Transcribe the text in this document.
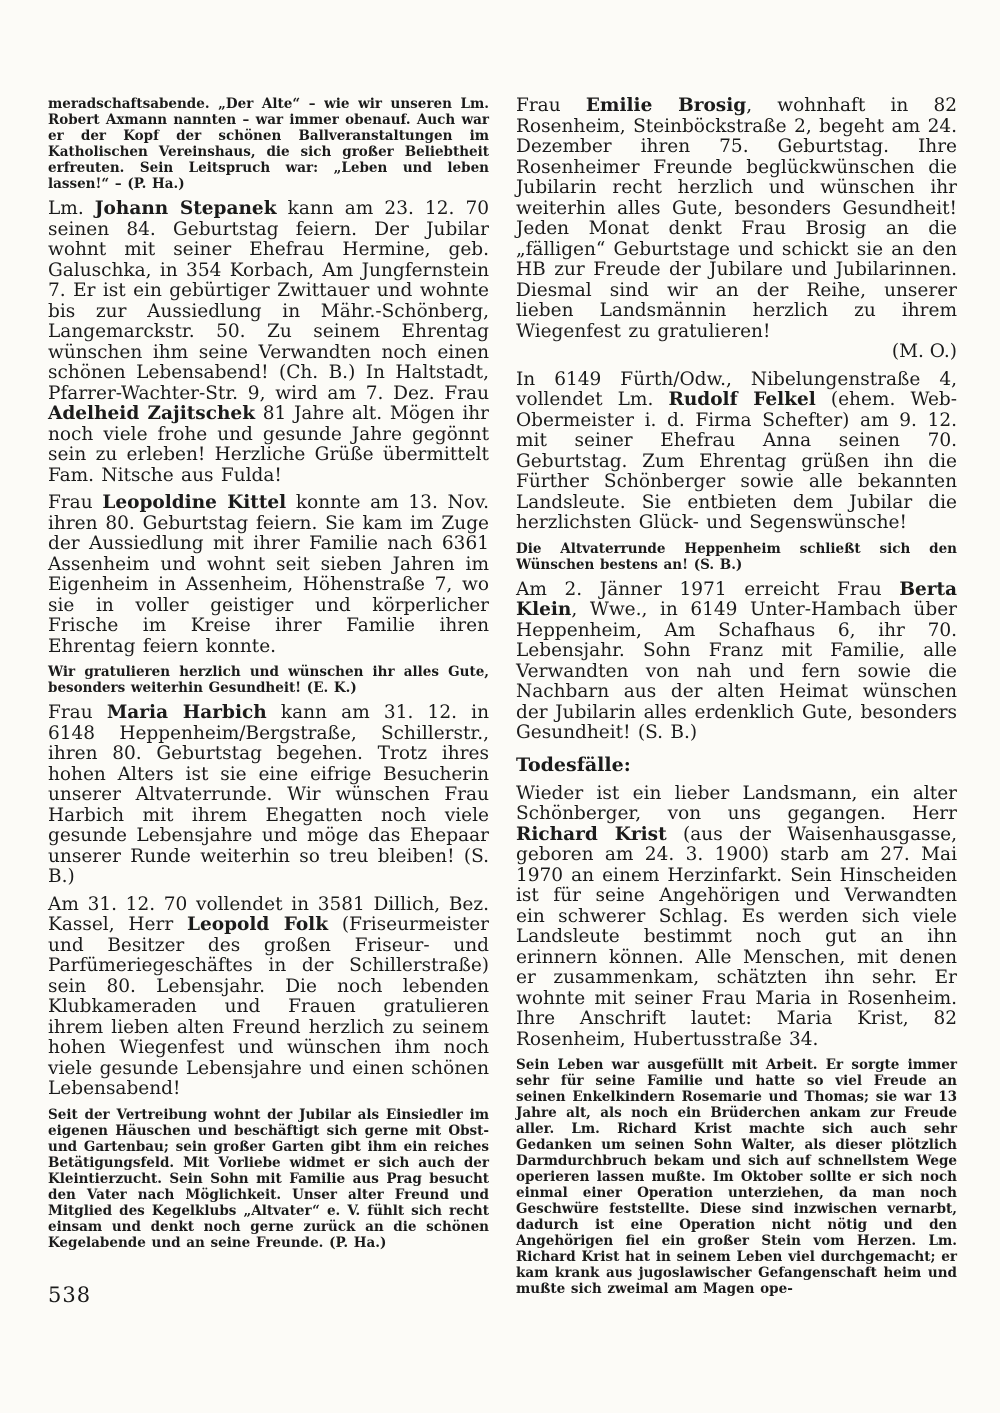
meradschaftsabende. „Der Alte“ – wie wir unseren Lm. Robert Axmann nannten – war immer obenauf. Auch war er der Kopf der schönen Ballveranstaltungen im Katholischen Vereinshaus, die sich großer Beliebtheit erfreuten. Sein Leitspruch war: „Leben und leben lassen!“ – (P. Ha.)

Lm. Johann Stepanek kann am 23. 12. 70 seinen 84. Geburtstag feiern. Der Jubilar wohnt mit seiner Ehefrau Hermine, geb. Galuschka, in 354 Korbach, Am Jungfernstein 7. Er ist ein gebürtiger Zwittauer und wohnte bis zur Aussiedlung in Mähr.-Schönberg, Langemarckstr. 50. Zu seinem Ehrentag wünschen ihm seine Verwandten noch einen schönen Lebensabend! (Ch. B.) In Haltstadt, Pfarrer-Wachter-Str. 9, wird am 7. Dez. Frau Adelheid Zajitschek 81 Jahre alt. Mögen ihr noch viele frohe und gesunde Jahre gegönnt sein zu erleben! Herzliche Grüße übermittelt Fam. Nitsche aus Fulda!

Frau Leopoldine Kittel konnte am 13. Nov. ihren 80. Geburtstag feiern. Sie kam im Zuge der Aussiedlung mit ihrer Familie nach 6361 Assenheim und wohnt seit sieben Jahren im Eigenheim in Assenheim, Höhenstraße 7, wo sie in voller geistiger und körperlicher Frische im Kreise ihrer Familie ihren Ehrentag feiern konnte.

Wir gratulieren herzlich und wünschen ihr alles Gute, besonders weiterhin Gesundheit! (E. K.)

Frau Maria Harbich kann am 31. 12. in 6148 Heppenheim/Bergstraße, Schillerstr., ihren 80. Geburtstag begehen. Trotz ihres hohen Alters ist sie eine eifrige Besucherin unserer Altvaterrunde. Wir wünschen Frau Harbich mit ihrem Ehegatten noch viele gesunde Lebensjahre und möge das Ehepaar unserer Runde weiterhin so treu bleiben! (S. B.)

Am 31. 12. 70 vollendet in 3581 Dillich, Bez. Kassel, Herr Leopold Folk (Friseurmeister und Besitzer des großen Friseur- und Parfümeriegeschäftes in der Schillerstraße) sein 80. Lebensjahr. Die noch lebenden Klubkameraden und Frauen gratulieren ihrem lieben alten Freund herzlich zu seinem hohen Wiegenfest und wünschen ihm noch viele gesunde Lebensjahre und einen schönen Lebensabend!

Seit der Vertreibung wohnt der Jubilar als Einsiedler im eigenen Häuschen und beschäftigt sich gerne mit Obst- und Gartenbau; sein großer Garten gibt ihm ein reiches Betätigungsfeld. Mit Vorliebe widmet er sich auch der Kleintierzucht. Sein Sohn mit Familie aus Prag besucht den Vater nach Möglichkeit. Unser alter Freund und Mitglied des Kegelklubs „Altvater“ e. V. fühlt sich recht einsam und denkt noch gerne zurück an die schönen Kegelabende und an seine Freunde. (P. Ha.)

Frau Emilie Brosig, wohnhaft in 82 Rosenheim, Steinböckstraße 2, begeht am 24. Dezember ihren 75. Geburtstag. Ihre Rosenheimer Freunde beglückwünschen die Jubilarin recht herzlich und wünschen ihr weiterhin alles Gute, besonders Gesundheit! Jeden Monat denkt Frau Brosig an die „fälligen“ Geburtstage und schickt sie an den HB zur Freude der Jubilare und Jubilarinnen. Diesmal sind wir an der Reihe, unserer lieben Landsmännin herzlich zu ihrem Wiegenfest zu gratulieren!

(M. O.)

In 6149 Fürth/Odw., Nibelungenstraße 4, vollendet Lm. Rudolf Felkel (ehem. Web-Obermeister i. d. Firma Schefter) am 9. 12. mit seiner Ehefrau Anna seinen 70. Geburtstag. Zum Ehrentag grüßen ihn die Fürther Schönberger sowie alle bekannten Landsleute. Sie entbieten dem Jubilar die herzlichsten Glück- und Segenswünsche!

Die Altvaterrunde Heppenheim schließt sich den Wünschen bestens an! (S. B.)

Am 2. Jänner 1971 erreicht Frau Berta Klein, Wwe., in 6149 Unter-Hambach über Heppenheim, Am Schafhaus 6, ihr 70. Lebensjahr. Sohn Franz mit Familie, alle Verwandten von nah und fern sowie die Nachbarn aus der alten Heimat wünschen der Jubilarin alles erdenklich Gute, besonders Gesundheit! (S. B.)

Todesfälle:

Wieder ist ein lieber Landsmann, ein alter Schönberger, von uns gegangen. Herr Richard Krist (aus der Waisenhausgasse, geboren am 24. 3. 1900) starb am 27. Mai 1970 an einem Herzinfarkt. Sein Hinscheiden ist für seine Angehörigen und Verwandten ein schwerer Schlag. Es werden sich viele Landsleute bestimmt noch gut an ihn erinnern können. Alle Menschen, mit denen er zusammenkam, schätzten ihn sehr. Er wohnte mit seiner Frau Maria in Rosenheim. Ihre Anschrift lautet: Maria Krist, 82 Rosenheim, Hubertusstraße 34.

Sein Leben war ausgefüllt mit Arbeit. Er sorgte immer sehr für seine Familie und hatte so viel Freude an seinen Enkelkindern Rosemarie und Thomas; sie war 13 Jahre alt, als noch ein Brüderchen ankam zur Freude aller. Lm. Richard Krist machte sich auch sehr Gedanken um seinen Sohn Walter, als dieser plötzlich Darmdurchbruch bekam und sich auf schnellstem Wege operieren lassen mußte. Im Oktober sollte er sich noch einmal einer Operation unterziehen, da man noch Geschwüre feststellte. Diese sind inzwischen vernarbt, dadurch ist eine Operation nicht nötig und den Angehörigen fiel ein großer Stein vom Herzen. Lm. Richard Krist hat in seinem Leben viel durchgemacht; er kam krank aus jugoslawischer Gefangenschaft heim und mußte sich zweimal am Magen ope-

538
